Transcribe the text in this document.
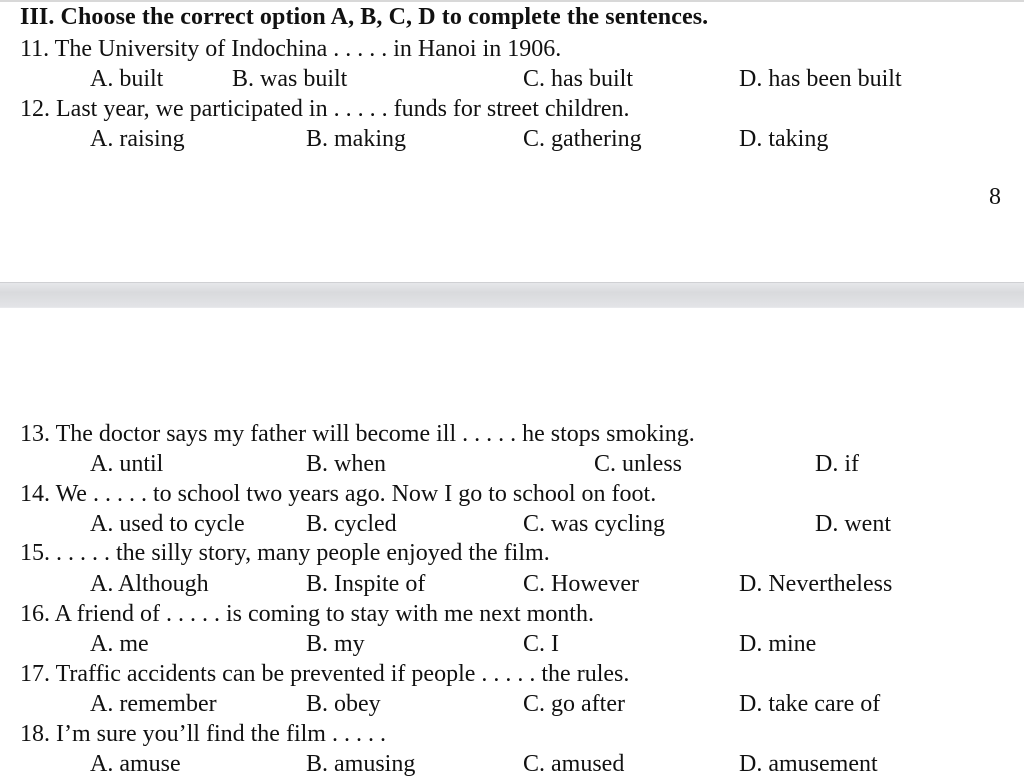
III. Choose the correct option A, B, C, D to complete the sentences.
11. The University of Indochina . . . . . in Hanoi in 1906.
A. built	B. was built	C. has built	D. has been built
12. Last year, we participated in . . . . . funds for street children.
A. raising	B. making	C. gathering	D. taking
8
13. The doctor says my father will become ill . . . . . he stops smoking.
A. until	B. when	C. unless	D. if
14. We . . . . . to school two years ago. Now I go to school on foot.
A. used to cycle	B. cycled	C. was cycling	D. went
15. . . . . . the silly story, many people enjoyed the film.
A. Although	B. Inspite of	C. However	D. Nevertheless
16. A friend of . . . . . is coming to stay with me next month.
A. me	B. my	C. I	D. mine
17. Traffic accidents can be prevented if people . . . . . the rules.
A. remember	B. obey	C. go after	D. take care of
18. I’m sure you’ll find the film . . . . .
A. amuse	B. amusing	C. amused	D. amusement
